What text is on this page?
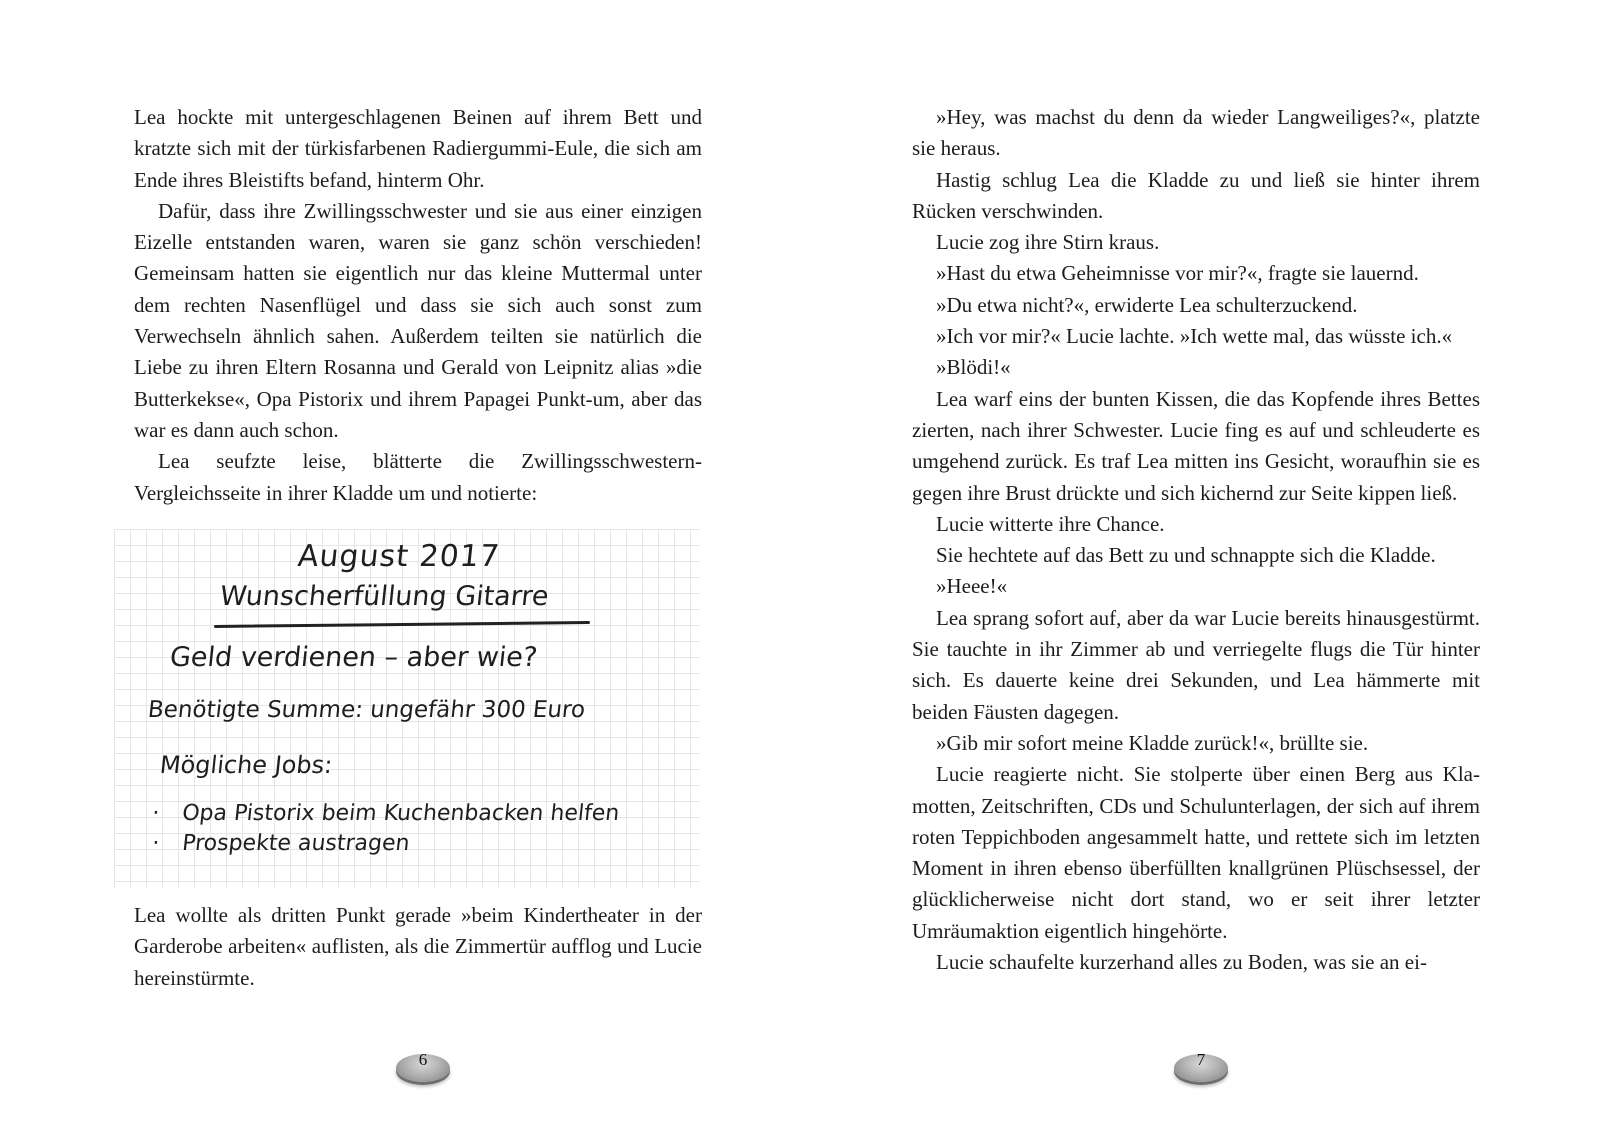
Lea hockte mit untergeschlagenen Beinen auf ihrem Bett und kratzte sich mit der türkisfarbenen Radiergummi-Eule, die sich am Ende ihres Bleistifts befand, hinterm Ohr.

Dafür, dass ihre Zwillingsschwester und sie aus einer einzigen Eizelle entstanden waren, waren sie ganz schön verschieden! Gemeinsam hatten sie eigentlich nur das kleine Muttermal unter dem rechten Nasenflügel und dass sie sich auch sonst zum Verwechseln ähnlich sahen. Außerdem teilten sie natürlich die Liebe zu ihren Eltern Rosanna und Gerald von Leipnitz alias »die Butterkekse«, Opa Pistorix und ihrem Papagei Punkt-um, aber das war es dann auch schon.

Lea seufzte leise, blätterte die Zwillingsschwestern-Vergleichsseite in ihrer Kladde um und notierte:

August 2017
Wunscherfüllung Gitarre
Geld verdienen – aber wie?
Benötigte Summe: ungefähr 300 Euro
Mögliche Jobs:
· Opa Pistorix beim Kuchenbacken helfen
· Prospekte austragen

Lea wollte als dritten Punkt gerade »beim Kindertheater in der Garderobe arbeiten« auflisten, als die Zimmertür aufflog und Lucie hereinstürmte.

6

»Hey, was machst du denn da wieder Langweiliges?«, platzte sie heraus.

Hastig schlug Lea die Kladde zu und ließ sie hinter ihrem Rücken verschwinden.

Lucie zog ihre Stirn kraus.

»Hast du etwa Geheimnisse vor mir?«, fragte sie lauernd.

»Du etwa nicht?«, erwiderte Lea schulterzuckend.

»Ich vor mir?« Lucie lachte. »Ich wette mal, das wüsste ich.«

»Blödi!«

Lea warf eins der bunten Kissen, die das Kopfende ihres Bettes zierten, nach ihrer Schwester. Lucie fing es auf und schleuderte es umgehend zurück. Es traf Lea mitten ins Gesicht, woraufhin sie es gegen ihre Brust drückte und sich kichernd zur Seite kippen ließ.

Lucie witterte ihre Chance.

Sie hechtete auf das Bett zu und schnappte sich die Kladde.

»Heee!«

Lea sprang sofort auf, aber da war Lucie bereits hinausgestürmt. Sie tauchte in ihr Zimmer ab und verriegelte flugs die Tür hinter sich. Es dauerte keine drei Sekunden, und Lea hämmerte mit beiden Fäusten dagegen.

»Gib mir sofort meine Kladde zurück!«, brüllte sie.

Lucie reagierte nicht. Sie stolperte über einen Berg aus Klamotten, Zeitschriften, CDs und Schulunterlagen, der sich auf ihrem roten Teppichboden angesammelt hatte, und rettete sich im letzten Moment in ihren ebenso überfüllten knallgrünen Plüschsessel, der glücklicherweise nicht dort stand, wo er seit ihrer letzter Umräumaktion eigentlich hingehörte.

Lucie schaufelte kurzerhand alles zu Boden, was sie an ei-

7
